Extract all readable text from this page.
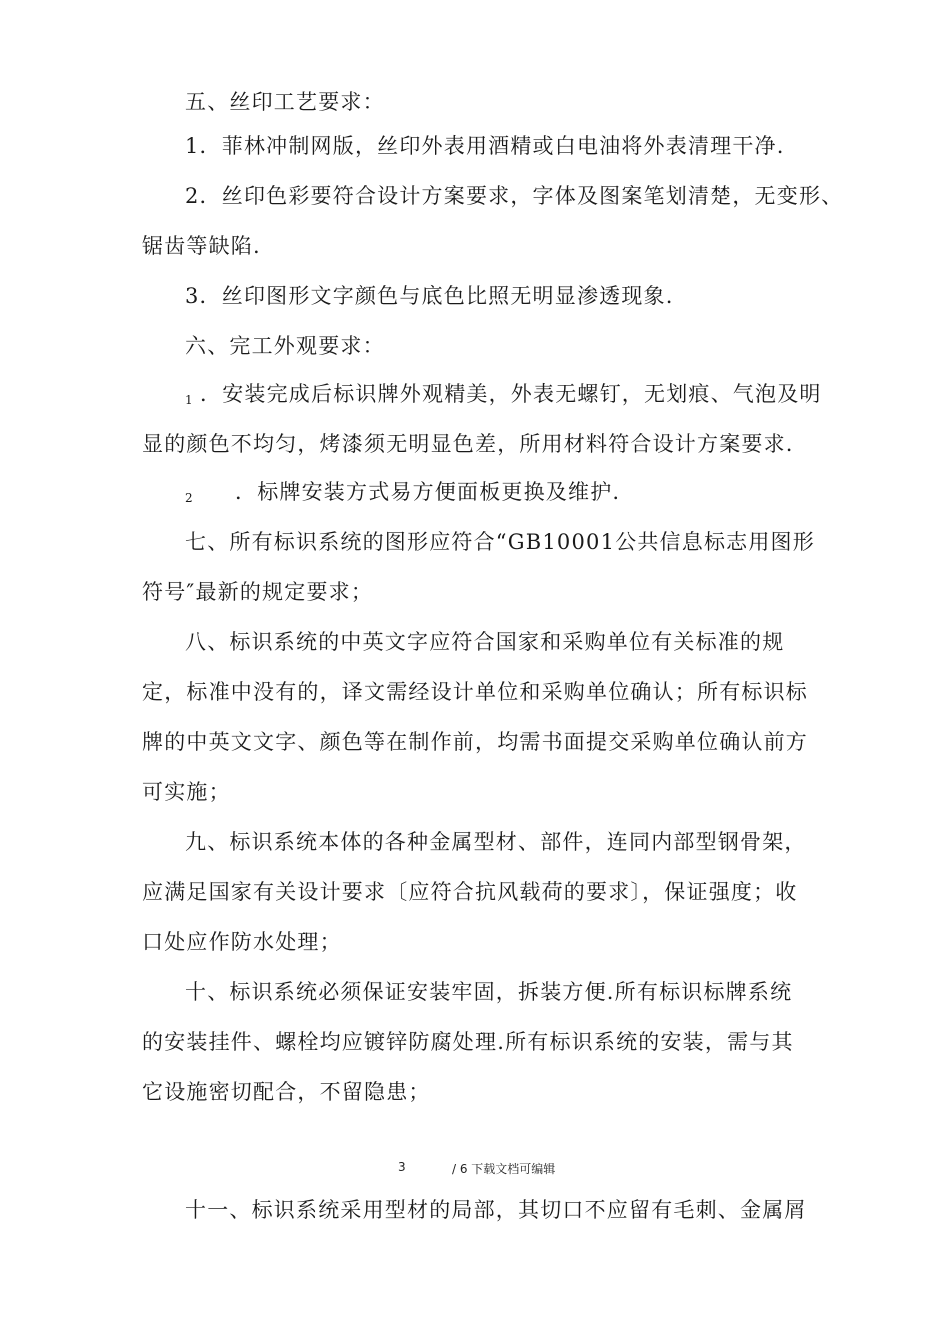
五、丝印工艺要求：
1．菲林冲制网版，丝印外表用酒精或白电油将外表清理干净.
2．丝印色彩要符合设计方案要求，字体及图案笔划清楚，无变形、
锯齿等缺陷.
3．丝印图形文字颜色与底色比照无明显渗透现象.
六、完工外观要求：
1 ．安装完成后标识牌外观精美，外表无螺钉，无划痕、气泡及明
显的颜色不均匀，烤漆须无明显色差，所用材料符合设计方案要求.
2 ．标牌安装方式易方便面板更换及维护.
七、所有标识系统的图形应符合“GB10001公共信息标志用图形
符号″最新的规定要求；
八、标识系统的中英文字应符合国家和采购单位有关标准的规
定，标准中没有的，译文需经设计单位和采购单位确认；所有标识标
牌的中英文文字、颜色等在制作前，均需书面提交采购单位确认前方
可实施；
九、标识系统本体的各种金属型材、部件，连同内部型钢骨架，
应满足国家有关设计要求〔应符合抗风载荷的要求〕，保证强度；收
口处应作防水处理；
十、标识系统必须保证安装牢固，拆装方便.所有标识标牌系统
的安装挂件、螺栓均应镀锌防腐处理.所有标识系统的安装，需与其
它设施密切配合，不留隐患；
3	/ 6 下载文档可编辑
十一、标识系统采用型材的局部，其切口不应留有毛刺、金属屑
